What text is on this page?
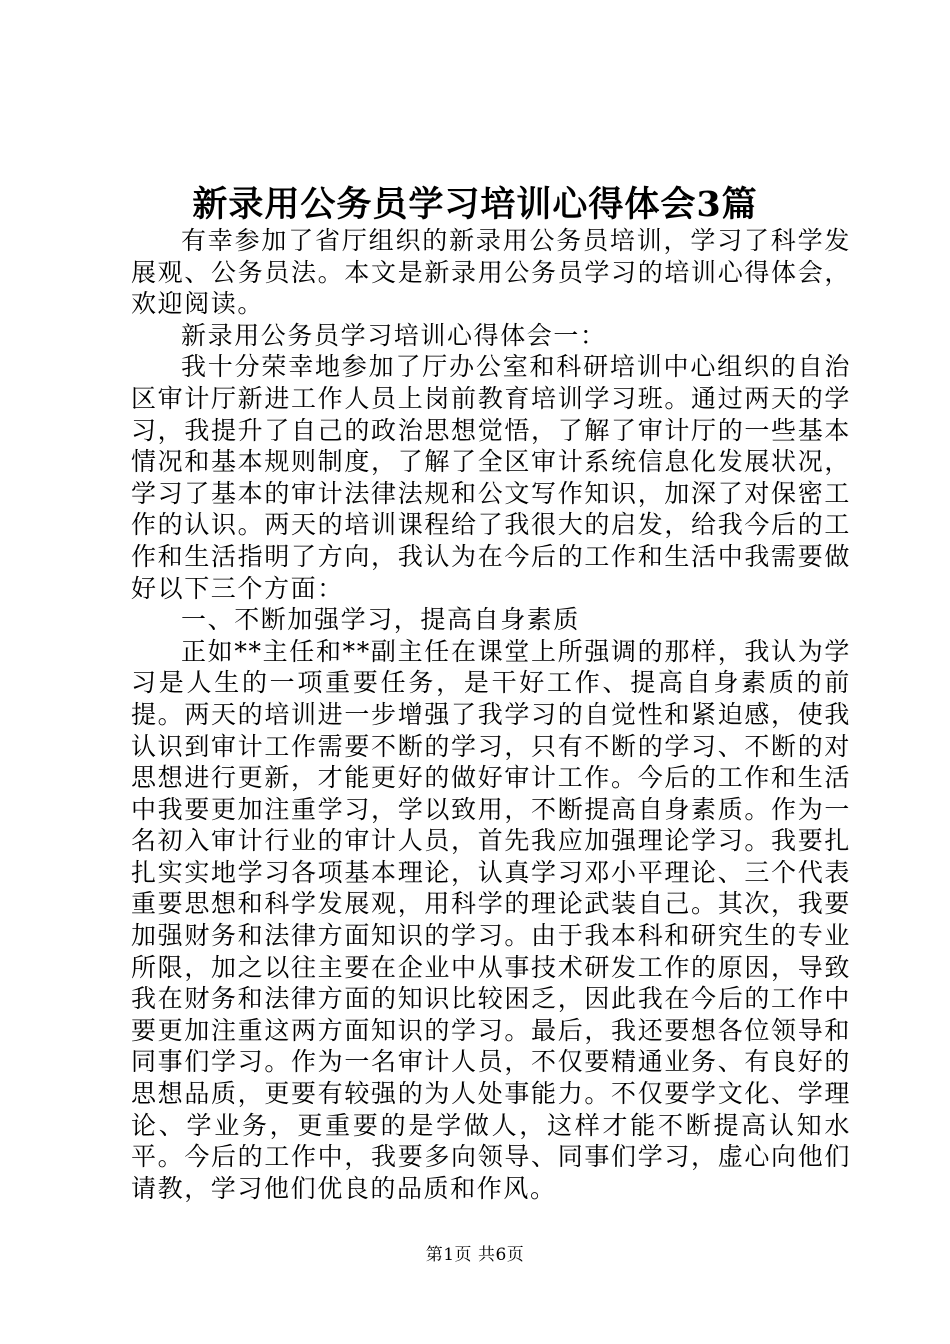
新录用公务员学习培训心得体会3篇

有幸参加了省厅组织的新录用公务员培训，学习了科学发展观、公务员法。本文是新录用公务员学习的培训心得体会，欢迎阅读。

新录用公务员学习培训心得体会一：

我十分荣幸地参加了厅办公室和科研培训中心组织的自治区审计厅新进工作人员上岗前教育培训学习班。通过两天的学习，我提升了自己的政治思想觉悟，了解了审计厅的一些基本情况和基本规则制度，了解了全区审计系统信息化发展状况，学习了基本的审计法律法规和公文写作知识，加深了对保密工作的认识。两天的培训课程给了我很大的启发，给我今后的工作和生活指明了方向，我认为在今后的工作和生活中我需要做好以下三个方面：

一、不断加强学习，提高自身素质

正如**主任和**副主任在课堂上所强调的那样，我认为学习是人生的一项重要任务，是干好工作、提高自身素质的前提。两天的培训进一步增强了我学习的自觉性和紧迫感，使我认识到审计工作需要不断的学习，只有不断的学习、不断的对思想进行更新，才能更好的做好审计工作。今后的工作和生活中我要更加注重学习，学以致用，不断提高自身素质。作为一名初入审计行业的审计人员，首先我应加强理论学习。我要扎扎实实地学习各项基本理论，认真学习邓小平理论、三个代表重要思想和科学发展观，用科学的理论武装自己。其次，我要加强财务和法律方面知识的学习。由于我本科和研究生的专业所限，加之以往主要在企业中从事技术研发工作的原因，导致我在财务和法律方面的知识比较困乏，因此我在今后的工作中要更加注重这两方面知识的学习。最后，我还要想各位领导和同事们学习。作为一名审计人员，不仅要精通业务、有良好的思想品质，更要有较强的为人处事能力。不仅要学文化、学理论、学业务，更重要的是学做人，这样才能不断提高认知水平。今后的工作中，我要多向领导、同事们学习，虚心向他们请教，学习他们优良的品质和作风。

第1页 共6页
